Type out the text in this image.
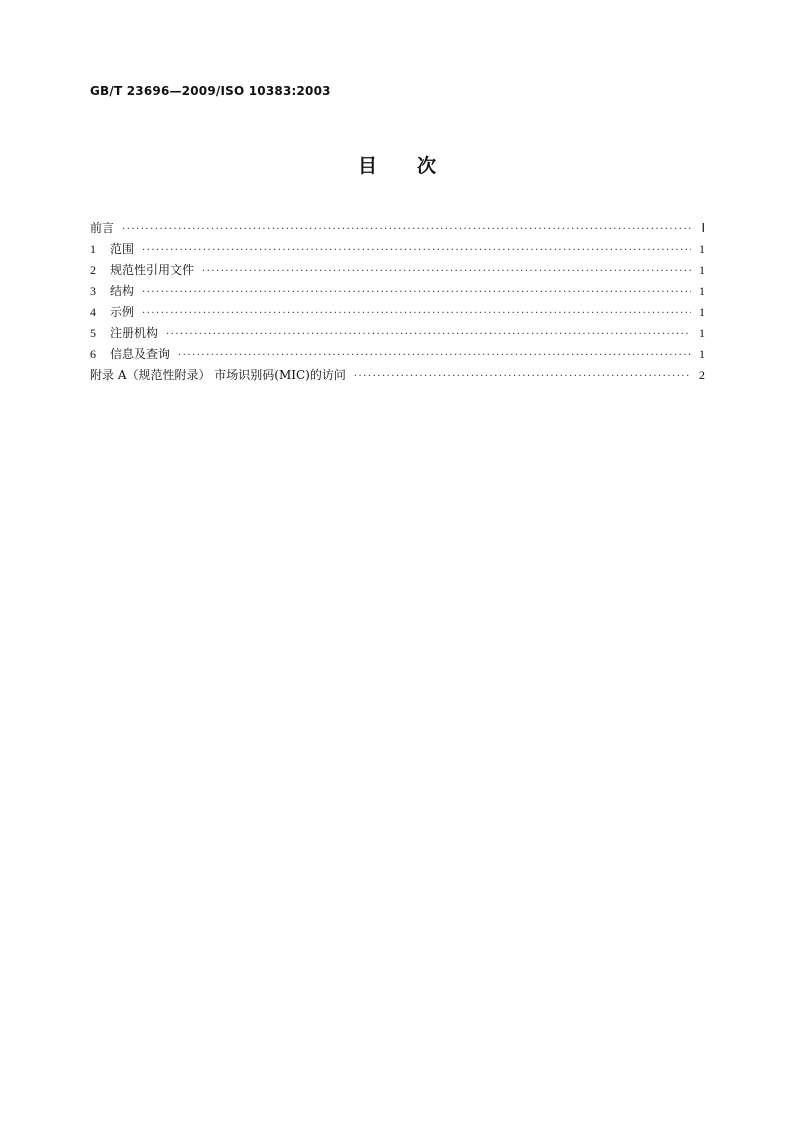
GB/T 23696—2009/ISO 10383:2003
目次
前言 ·····	Ⅰ
1	范围 ·····	1
2	规范性引用文件 ·····	1
3	结构 ·····	1
4	示例 ·····	1
5	注册机构 ·····	1
6	信息及查询 ·····	1
附录 A（规范性附录） 市场识别码(MIC)的访问 ·····	2
